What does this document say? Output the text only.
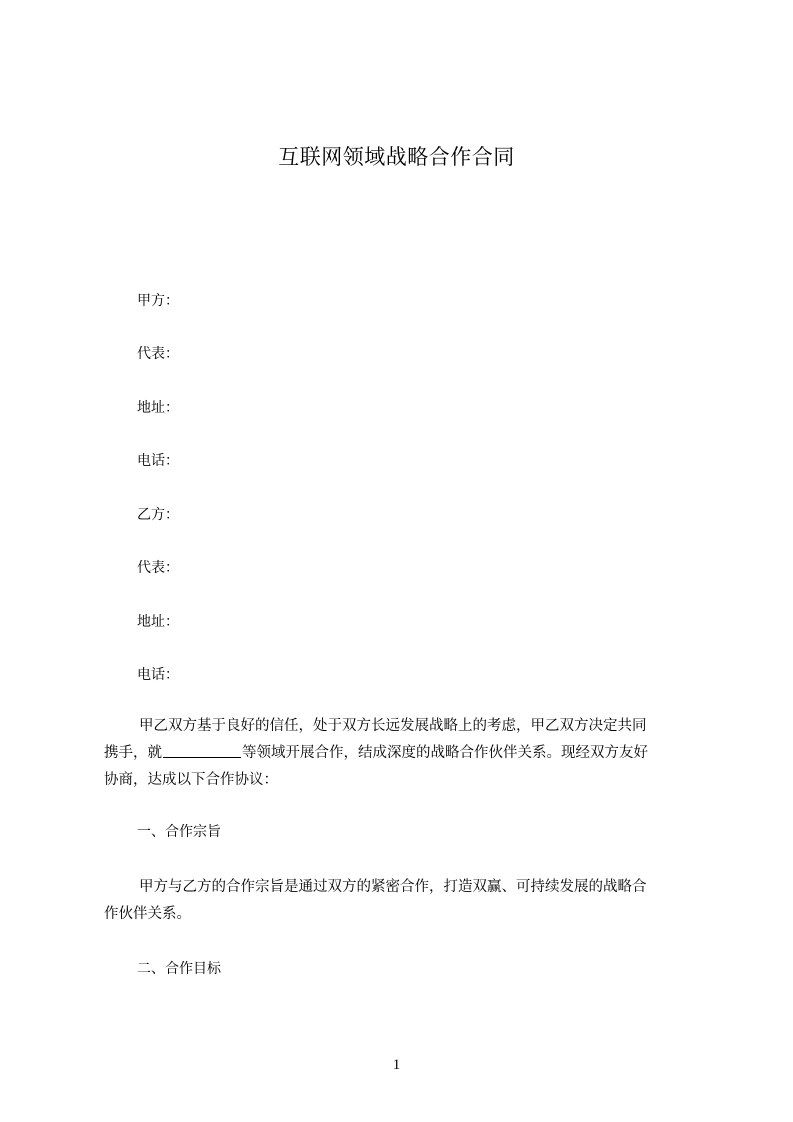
互联网领域战略合作合同
甲方：
代表：
地址：
电话：
乙方：
代表：
地址：
电话：
甲乙双方基于良好的信任，处于双方长远发展战略上的考虑，甲乙双方决定共同
携手，就	等领域开展合作，结成深度的战略合作伙伴关系。现经双方友好
协商，达成以下合作协议：
一、合作宗旨
甲方与乙方的合作宗旨是通过双方的紧密合作，打造双赢、可持续发展的战略合
作伙伴关系。
二、合作目标
1
